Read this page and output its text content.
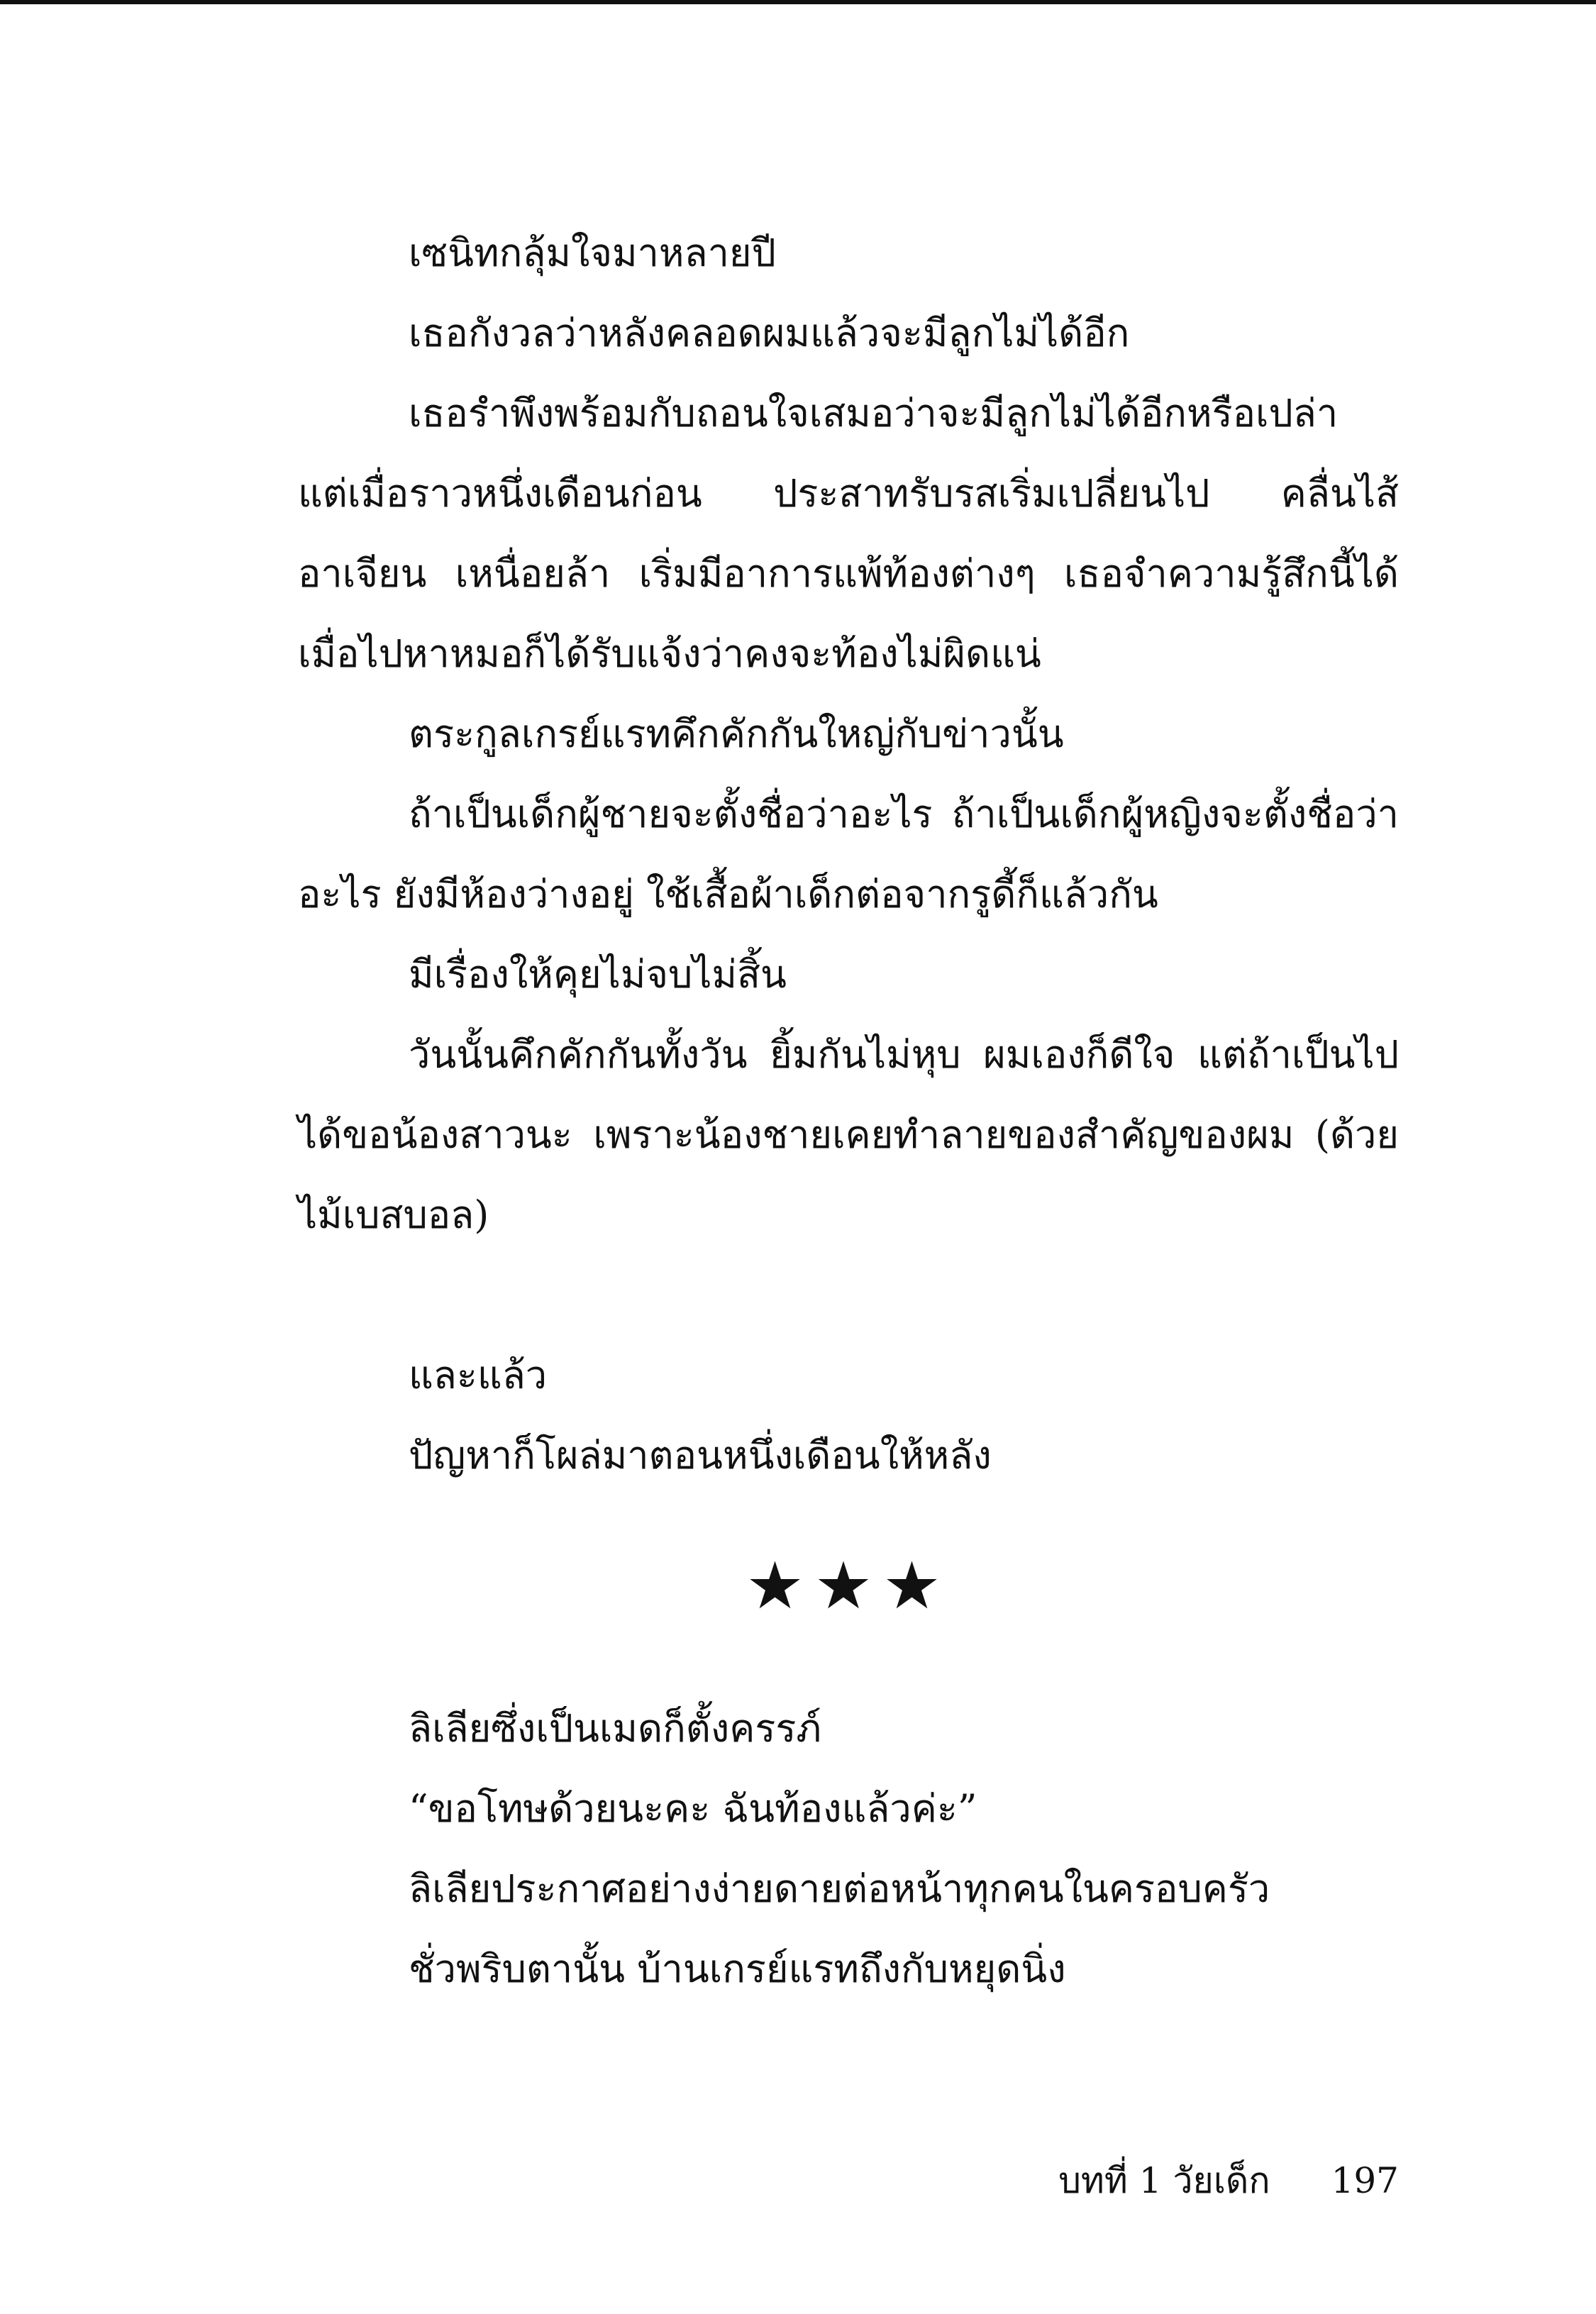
เซนิทกลุ้มใจมาหลายปี

เธอกังวลว่าหลังคลอดผมแล้วจะมีลูกไม่ได้อีก

เธอรำพึงพร้อมกับถอนใจเสมอว่าจะมีลูกไม่ได้อีกหรือเปล่า แต่เมื่อราวหนึ่งเดือนก่อน ประสาทรับรสเริ่มเปลี่ยนไป คลื่นไส้ อาเจียน เหนื่อยล้า เริ่มมีอาการแพ้ท้องต่างๆ เธอจำความรู้สึกนี้ได้เมื่อไปหาหมอก็ได้รับแจ้งว่าคงจะท้องไม่ผิดแน่

ตระกูลเกรย์แรทคึกคักกันใหญ่กับข่าวนั้น

ถ้าเป็นเด็กผู้ชายจะตั้งชื่อว่าอะไร ถ้าเป็นเด็กผู้หญิงจะตั้งชื่อว่าอะไร ยังมีห้องว่างอยู่ ใช้เสื้อผ้าเด็กต่อจากรูดี้ก็แล้วกัน

มีเรื่องให้คุยไม่จบไม่สิ้น

วันนั้นคึกคักกันทั้งวัน ยิ้มกันไม่หุบ ผมเองก็ดีใจ แต่ถ้าเป็นไปได้ขอน้องสาวนะ เพราะน้องชายเคยทำลายของสำคัญของผม (ด้วยไม้เบสบอล)

และแล้ว

ปัญหาก็โผล่มาตอนหนึ่งเดือนให้หลัง

★★★

ลิเลียซึ่งเป็นเมดก็ตั้งครรภ์

“ขอโทษด้วยนะคะ ฉันท้องแล้วค่ะ”

ลิเลียประกาศอย่างง่ายดายต่อหน้าทุกคนในครอบครัว

ชั่วพริบตานั้น บ้านเกรย์แรทถึงกับหยุดนิ่ง

บทที่ 1 วัยเด็ก 197
